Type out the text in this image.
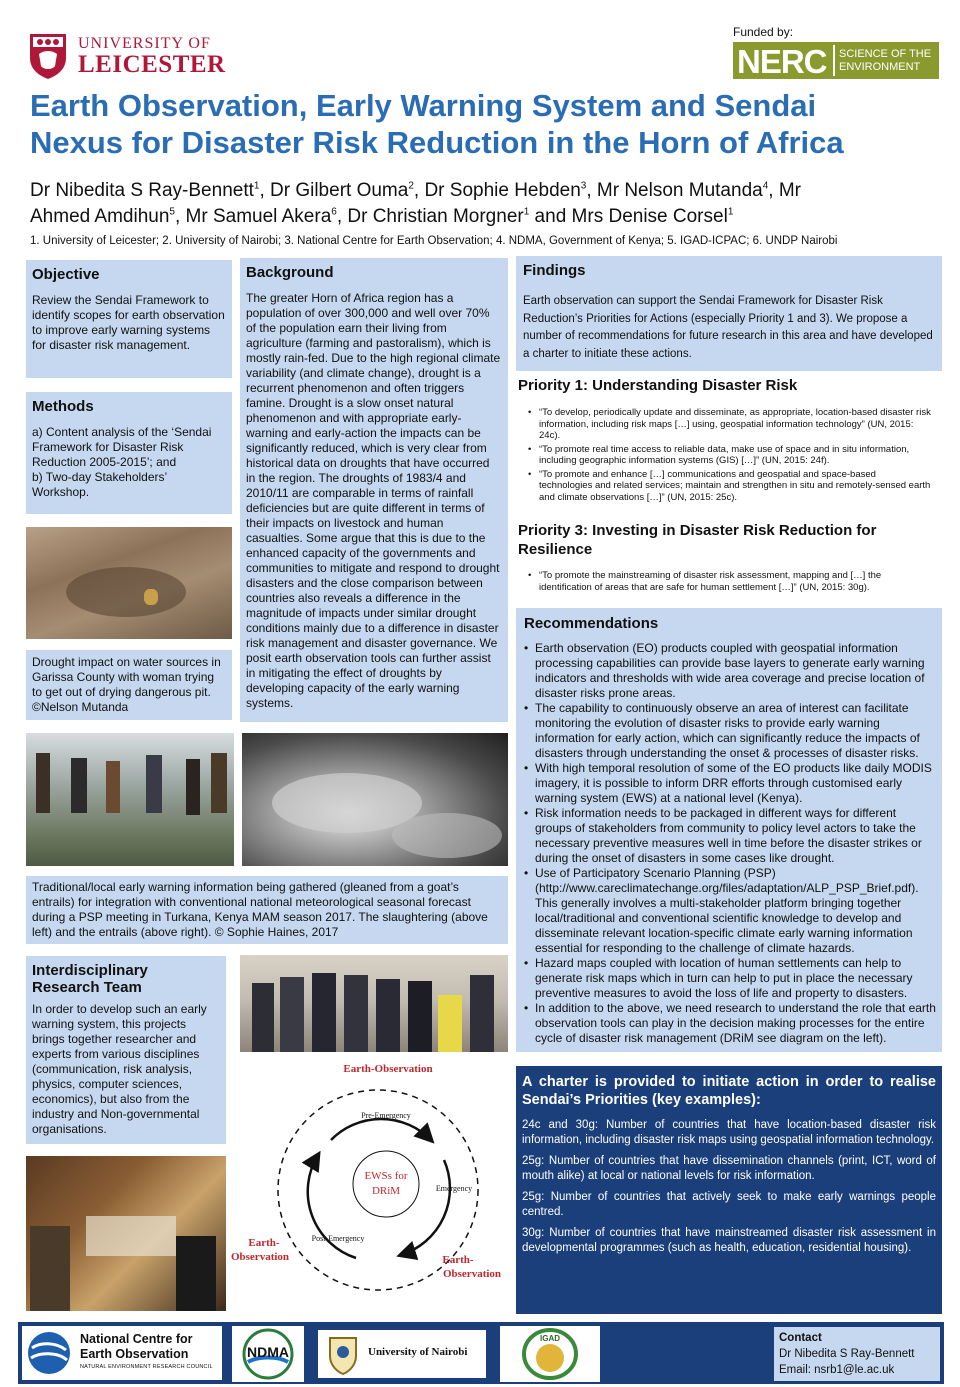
UNIVERSITY OF
LEICESTER
Funded by:
NERC SCIENCE OF THE
ENVIRONMENT
Earth Observation, Early Warning System and Sendai
Nexus for Disaster Risk Reduction in the Horn of Africa
Dr Nibedita S Ray-Bennett$^1$, Dr Gilbert Ouma$^2$, Dr Sophie Hebden$^3$, Mr Nelson Mutanda$^4$, Mr
Ahmed Amdihun$^5$, Mr Samuel Akera$^6$, Dr Christian Morgner$^1$ and Mrs Denise Corsel$^1$
1. University of Leicester; 2. University of Nairobi; 3. National Centre for Earth Observation; 4. NDMA, Government of Kenya; 5. IGAD-ICPAC; 6. UNDP Nairobi
Objective
Review the Sendai Framework to identify scopes for earth observation to improve early warning systems for disaster risk management.
Methods
a) Content analysis of the ‘Sendai Framework for Disaster Risk Reduction 2005-2015’; and
b) Two-day Stakeholders’ Workshop.
Drought impact on water sources in Garissa County with woman trying to get out of drying dangerous pit. ©Nelson Mutanda
Background
The greater Horn of Africa region has a population of over 300,000 and well over 70% of the population earn their living from agriculture (farming and pastoralism), which is mostly rain-fed. Due to the high regional climate variability (and climate change), drought is a recurrent phenomenon and often triggers famine. Drought is a slow onset natural phenomenon and with appropriate early-warning and early-action the impacts can be significantly reduced, which is very clear from historical data on droughts that have occurred in the region. The droughts of 1983/4 and 2010/11 are comparable in terms of rainfall deficiencies but are quite different in terms of their impacts on livestock and human casualties. Some argue that this is due to the enhanced capacity of the governments and communities to mitigate and respond to drought disasters and the close comparison between countries also reveals a difference in the magnitude of impacts under similar drought conditions mainly due to a difference in disaster risk management and disaster governance. We posit earth observation tools can further assist in mitigating the effect of droughts by developing capacity of the early warning systems.
Traditional/local early warning information being gathered (gleaned from a goat’s entrails) for integration with conventional national meteorological seasonal forecast during a PSP meeting in Turkana, Kenya MAM season 2017. The slaughtering (above left) and the entrails (above right). © Sophie Haines, 2017
Interdisciplinary
Research Team
In order to develop such an early warning system, this projects brings together researcher and experts from various disciplines (communication, risk analysis, physics, computer sciences, economics), but also from the industry and Non-governmental organisations.
Earth-Observation
Pre-Emergency
Emergency
Post-Emergency
EWSs for
DRiM
Earth-
Observation	Earth-
Observation
Findings
Earth observation can support the Sendai Framework for Disaster Risk Reduction’s Priorities for Actions (especially Priority 1 and 3). We propose a number of recommendations for future research in this area and have developed a charter to initiate these actions.
Priority 1: Understanding Disaster Risk
• “To develop, periodically update and disseminate, as appropriate, location-based disaster risk information, including risk maps […] using, geospatial information technology” (UN, 2015: 24c).
• “To promote real time access to reliable data, make use of space and in situ information, including geographic information systems (GIS) […]” (UN, 2015: 24f).
• “To promote and enhance […] communications and geospatial and space-based technologies and related services; maintain and strengthen in situ and remotely-sensed earth and climate observations […]” (UN, 2015: 25c).
Priority 3: Investing in Disaster Risk Reduction for
Resilience
• “To promote the mainstreaming of disaster risk assessment, mapping and […] the identification of areas that are safe for human settlement […]” (UN, 2015: 30g).
Recommendations
• Earth observation (EO) products coupled with geospatial information processing capabilities can provide base layers to generate early warning indicators and thresholds with wide area coverage and precise location of disaster risks prone areas.
• The capability to continuously observe an area of interest can facilitate monitoring the evolution of disaster risks to provide early warning information for early action, which can significantly reduce the impacts of disasters through understanding the onset & processes of disaster risks.
• With high temporal resolution of some of the EO products like daily MODIS imagery, it is possible to inform DRR efforts through customised early warning system (EWS) at a national level (Kenya).
• Risk information needs to be packaged in different ways for different groups of stakeholders from community to policy level actors to take the necessary preventive measures well in time before the disaster strikes or during the onset of disasters in some cases like drought.
• Use of Participatory Scenario Planning (PSP) (http://www.careclimatechange.org/files/adaptation/ALP_PSP_Brief.pdf). This generally involves a multi-stakeholder platform bringing together local/traditional and conventional scientific knowledge to develop and disseminate relevant location-specific climate early warning information essential for responding to the challenge of climate hazards.
• Hazard maps coupled with location of human settlements can help to generate risk maps which in turn can help to put in place the necessary preventive measures to avoid the loss of life and property to disasters.
• In addition to the above, we need research to understand the role that earth observation tools can play in the decision making processes for the entire cycle of disaster risk management (DRiM see diagram on the left).
A charter is provided to initiate action in order to realise Sendai’s Priorities (key examples):
24c and 30g: Number of countries that have location-based disaster risk information, including disaster risk maps using geospatial information technology.
25g: Number of countries that have dissemination channels (print, ICT, word of mouth alike) at local or national levels for risk information.
25g: Number of countries that actively seek to make early warnings people centred.
30g: Number of countries that have mainstreamed disaster risk assessment in developmental programmes (such as health, education, residential housing).
National Centre for
Earth Observation
NATURAL ENVIRONMENT RESEARCH COUNCIL
NDMA	University of Nairobi
IGAD	Contact
Dr Nibedita S Ray-Bennett
Email: nsrb1@le.ac.uk
